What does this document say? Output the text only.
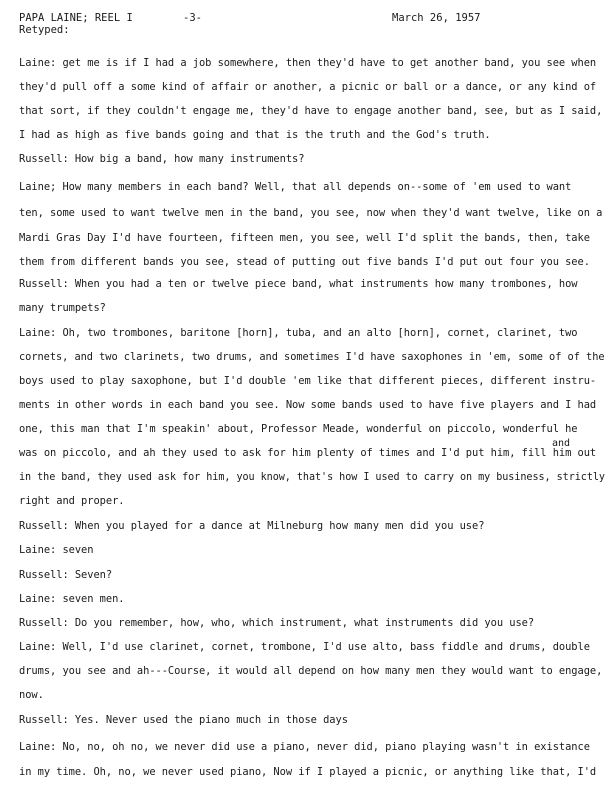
PAPA LAINE; REEL I	-3-	March 26, 1957
Retyped:
Laine: get me is if I had a job somewhere, then they'd have to get another band, you see when
they'd pull off a some kind of affair or another, a picnic or ball or a dance, or any kind of
that sort, if they couldn't engage me, they'd have to engage another band, see, but as I said,
I had as high as five bands going and that is the truth and the God's truth.
Russell: How big a band, how many instruments?
Laine; How many members in each band? Well, that all depends on--some of 'em used to want
ten, some used to want twelve men in the band, you see, now when they'd want twelve, like on a
Mardi Gras Day I'd have fourteen, fifteen men, you see, well I'd split the bands, then, take
them from different bands you see, stead of putting out five bands I'd put out four you see.
Russell: When you had a ten or twelve piece band, what instruments how many trombones, how
many trumpets?
Laine: Oh, two trombones, baritone [horn], tuba, and an alto [horn], cornet, clarinet, two
cornets, and two clarinets, two drums, and sometimes I'd have saxophones in 'em, some of of the
boys used to play saxophone, but I'd double 'em like that different pieces, different instru-
ments in other words in each band you see. Now some bands used to have five players and I had
one, this man that I'm speakin' about, Professor Meade, wonderful on piccolo, wonderful he
and
was on piccolo, and ah they used to ask for him plenty of times and I'd put him, fill him out
in the band, they used ask for him, you know, that's how I used to carry on my business, strictly
right and proper.
Russell: When you played for a dance at Milneburg how many men did you use?
Laine: seven
Russell: Seven?
Laine: seven men.
Russell: Do you remember, how, who, which instrument, what instruments did you use?
Laine: Well, I'd use clarinet, cornet, trombone, I'd use alto, bass fiddle and drums, double
drums, you see and ah---Course, it would all depend on how many men they would want to engage,
now.
Russell: Yes. Never used the piano much in those days
Laine: No, no, oh no, we never did use a piano, never did, piano playing wasn't in existance
in my time. Oh, no, we never used piano, Now if I played a picnic, or anything like that, I'd
